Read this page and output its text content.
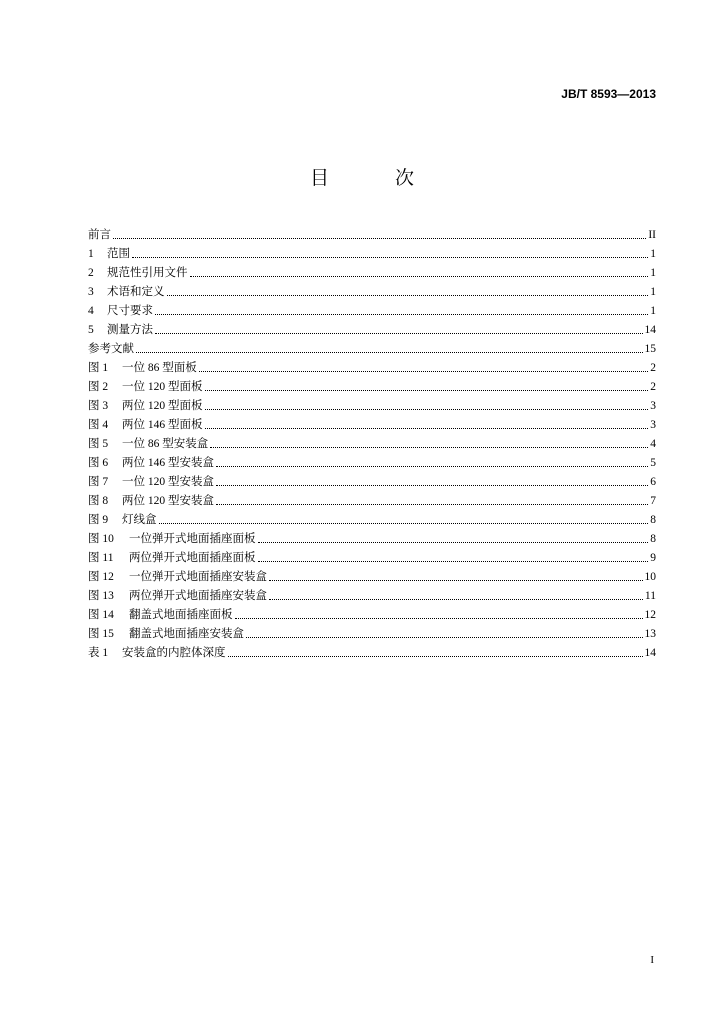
JB/T 8593—2013
目 次
前言	II
1 范围	1
2 规范性引用文件	1
3 术语和定义	1
4 尺寸要求	1
5 测量方法	14
参考文献	15
图 1 一位 86 型面板	2
图 2 一位 120 型面板	2
图 3 两位 120 型面板	3
图 4 两位 146 型面板	3
图 5 一位 86 型安装盒	4
图 6 两位 146 型安装盒	5
图 7 一位 120 型安装盒	6
图 8 两位 120 型安装盒	7
图 9 灯线盒	8
图 10 一位弹开式地面插座面板	8
图 11 两位弹开式地面插座面板	9
图 12 一位弹开式地面插座安装盒	10
图 13 两位弹开式地面插座安装盒	11
图 14 翻盖式地面插座面板	12
图 15 翻盖式地面插座安装盒	13
表 1 安装盒的内腔体深度	14
I
